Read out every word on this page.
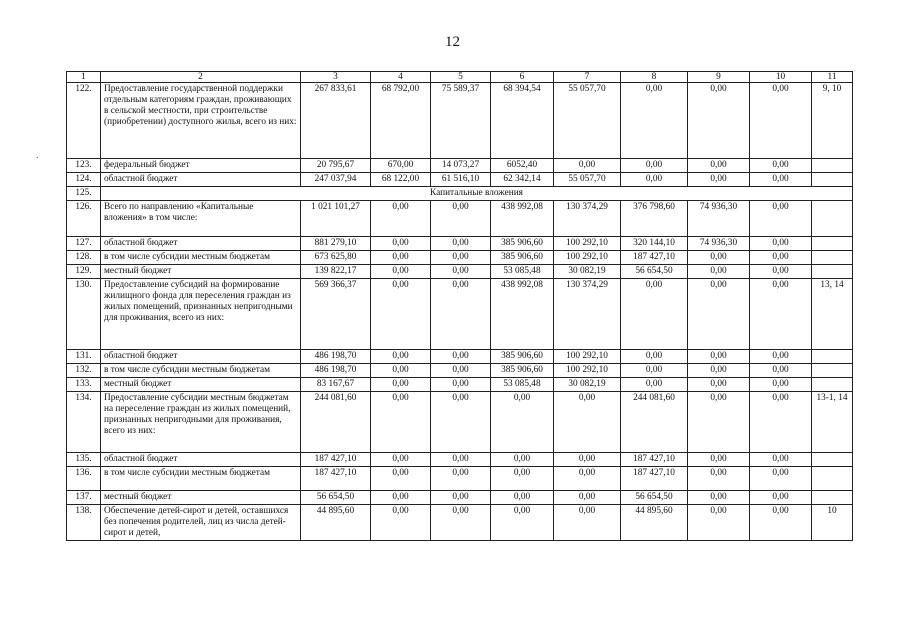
12
.
1	2	3	4	5	6	7	8	9	10	11
122.	Предоставление государственной поддержки отдельным категориям граждан, проживающих в сельской местности, при строительстве (приобретении) доступного жилья, всего из них:	267 833,61	68 792,00	75 589,37	68 394,54	55 057,70	0,00	0,00	0,00	9, 10
123.	федеральный бюджет	20 795,67	670,00	14 073,27	6052,40	0,00	0,00	0,00	0,00	
124.	областной бюджет	247 037,94	68 122,00	61 516,10	62 342,14	55 057,70	0,00	0,00	0,00	
125.	Капитальные вложения									
126.	Всего по направлению «Капитальные вложения» в том числе:	1 021 101,27	0,00	0,00	438 992,08	130 374,29	376 798,60	74 936,30	0,00	
127.	областной бюджет	881 279,10	0,00	0,00	385 906,60	100 292,10	320 144,10	74 936,30	0,00	
128.	в том числе субсидии местным бюджетам	673 625,80	0,00	0,00	385 906,60	100 292,10	187 427,10	0,00	0,00	
129.	местный бюджет	139 822,17	0,00	0,00	53 085,48	30 082,19	56 654,50	0,00	0,00	
130.	Предоставление субсидий на формирование жилищного фонда для переселения граждан из жилых помещений, признанных непригодными для проживания, всего из них:	569 366,37	0,00	0,00	438 992,08	130 374,29	0,00	0,00	0,00	13, 14
131.	областной бюджет	486 198,70	0,00	0,00	385 906,60	100 292,10	0,00	0,00	0,00	
132.	в том числе субсидии местным бюджетам	486 198,70	0,00	0,00	385 906,60	100 292,10	0,00	0,00	0,00	
133.	местный бюджет	83 167,67	0,00	0,00	53 085,48	30 082,19	0,00	0,00	0,00	
134.	Предоставление субсидии местным бюджетам на переселение граждан из жилых помещений, признанных непригодными для проживания, всего из них:	244 081,60	0,00	0,00	0,00	0,00	244 081,60	0,00	0,00	13-1, 14
135.	областной бюджет	187 427,10	0,00	0,00	0,00	0,00	187 427,10	0,00	0,00	
136.	в том числе субсидии местным бюджетам	187 427,10	0,00	0,00	0,00	0,00	187 427,10	0,00	0,00	
137.	местный бюджет	56 654,50	0,00	0,00	0,00	0,00	56 654,50	0,00	0,00	
138.	Обеспечение детей-сирот и детей, оставшихся без попечения родителей, лиц из числа детей-сирот и детей,	44 895,60	0,00	0,00	0,00	0,00	44 895,60	0,00	0,00	10
